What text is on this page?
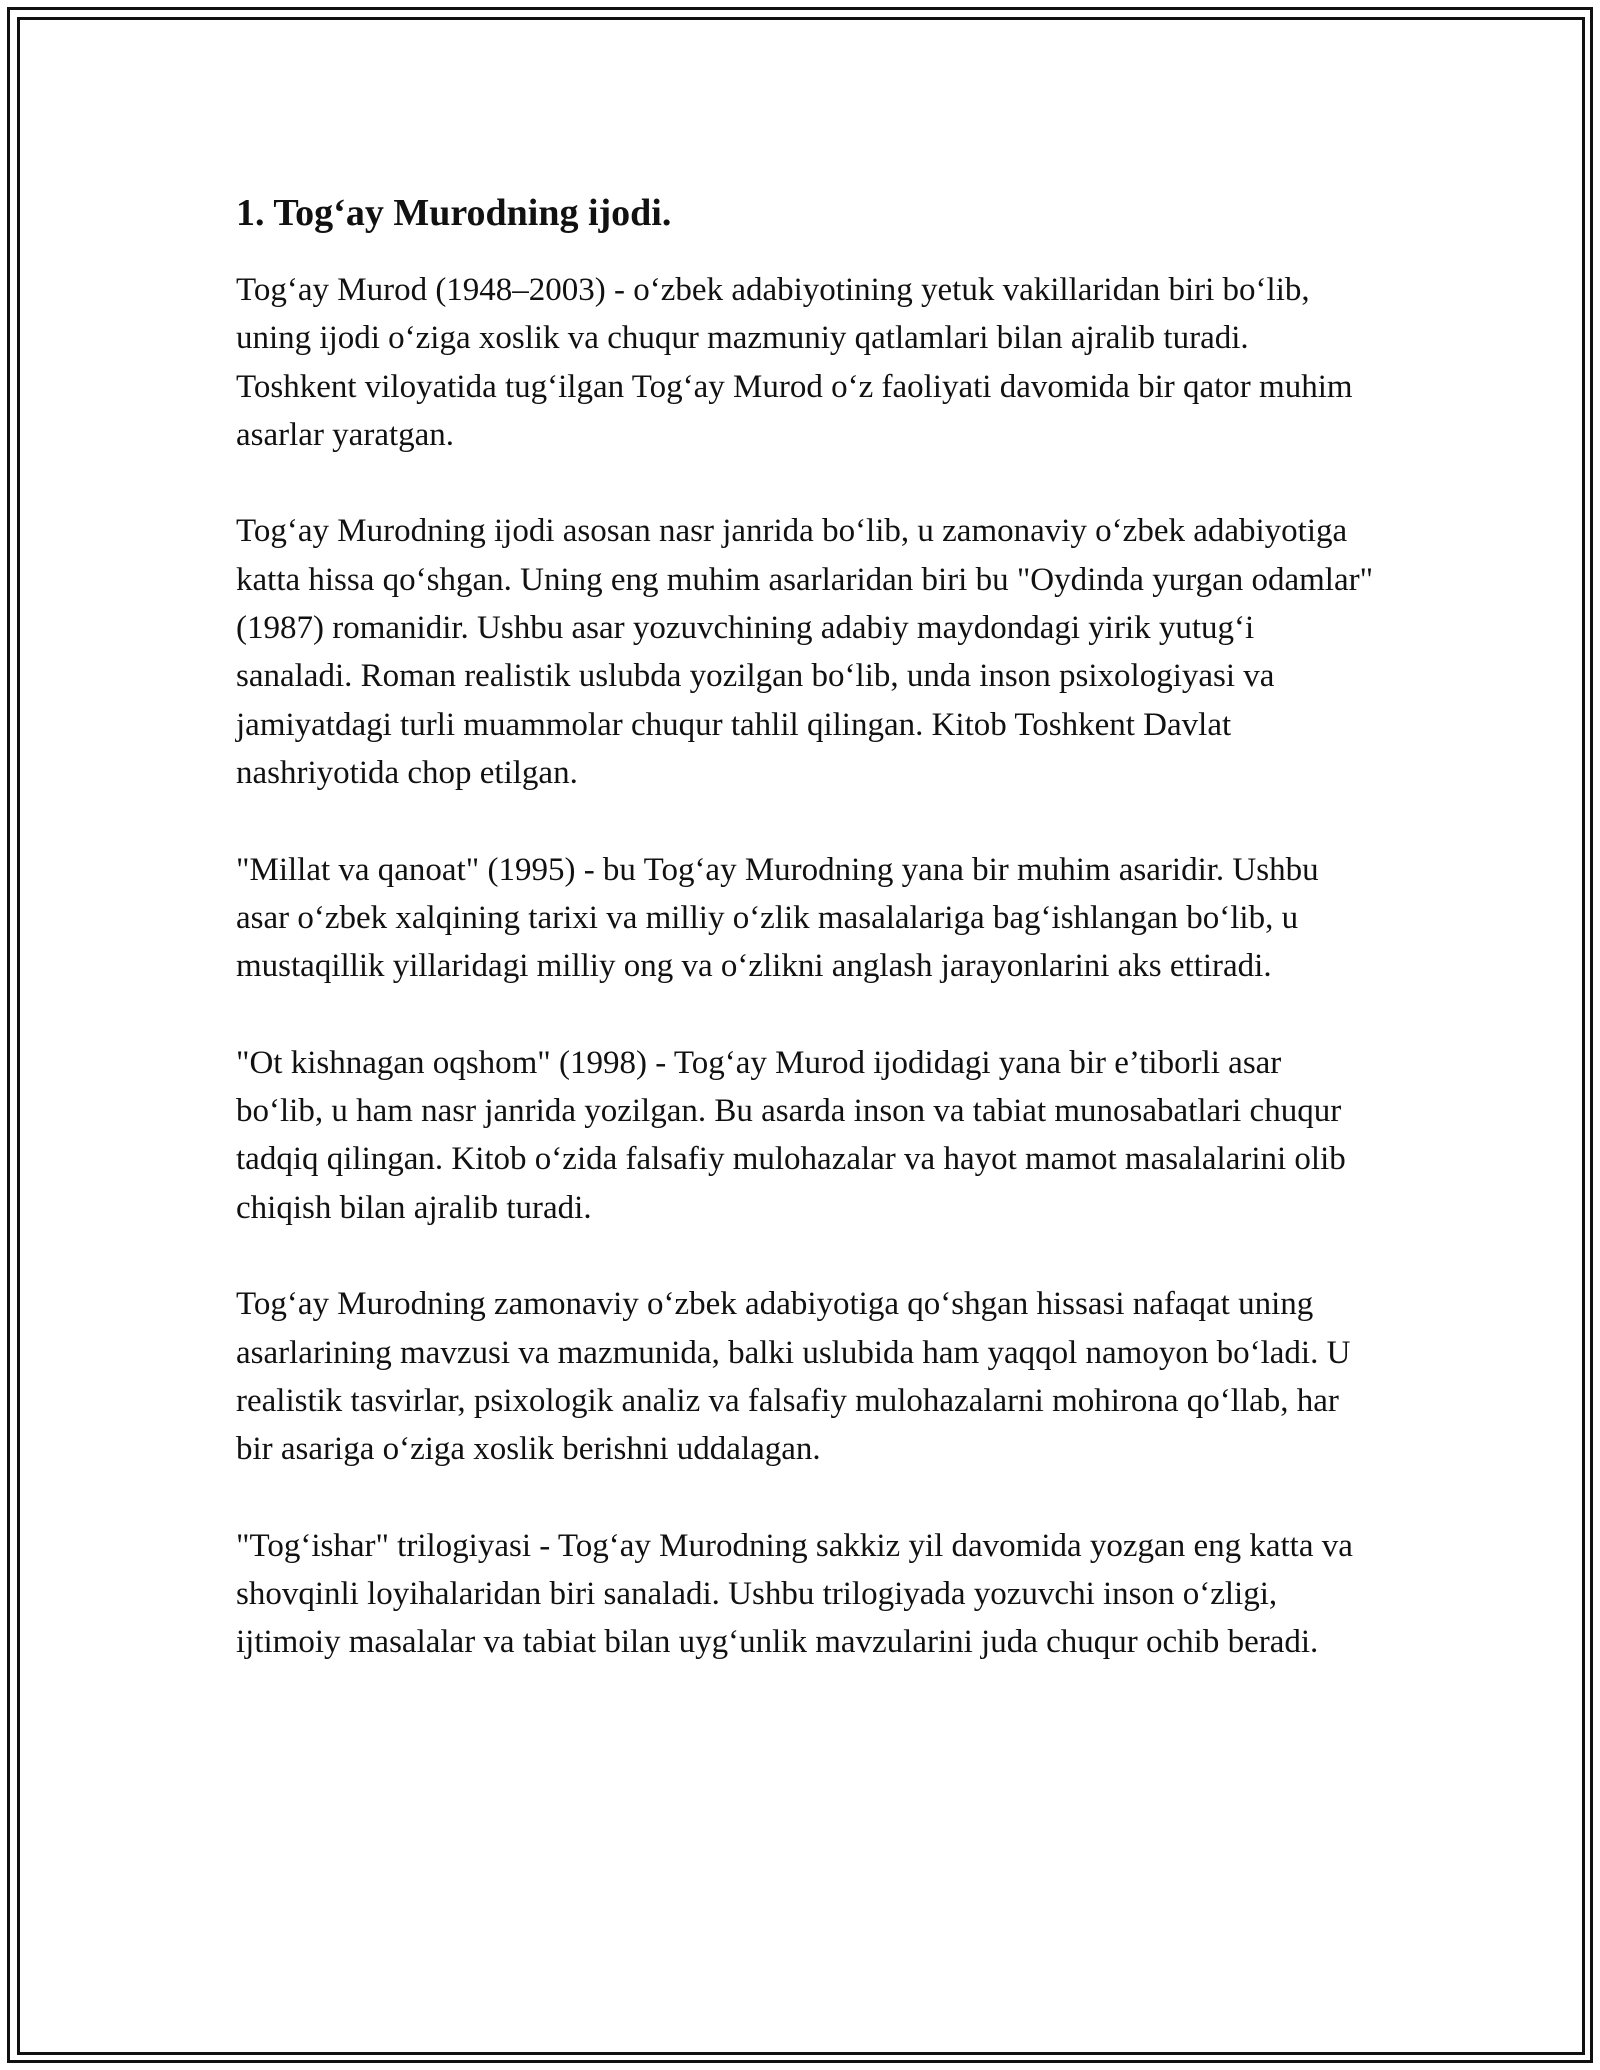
1. Tog‘ay Murodning ijodi.

Tog‘ay Murod (1948–2003) - o‘zbek adabiyotining yetuk vakillaridan biri bo‘lib, uning ijodi o‘ziga xoslik va chuqur mazmuniy qatlamlari bilan ajralib turadi. Toshkent viloyatida tug‘ilgan Tog‘ay Murod o‘z faoliyati davomida bir qator muhim asarlar yaratgan.

Tog‘ay Murodning ijodi asosan nasr janrida bo‘lib, u zamonaviy o‘zbek adabiyotiga katta hissa qo‘shgan. Uning eng muhim asarlaridan biri bu "Oydinda yurgan odamlar" (1987) romanidir. Ushbu asar yozuvchining adabiy maydondagi yirik yutug‘i sanaladi. Roman realistik uslubda yozilgan bo‘lib, unda inson psixologiyasi va jamiyatdagi turli muammolar chuqur tahlil qilingan. Kitob Toshkent Davlat nashriyotida chop etilgan.

"Millat va qanoat" (1995) - bu Tog‘ay Murodning yana bir muhim asaridir. Ushbu asar o‘zbek xalqining tarixi va milliy o‘zlik masalalariga bag‘ishlangan bo‘lib, u mustaqillik yillaridagi milliy ong va o‘zlikni anglash jarayonlarini aks ettiradi.

"Ot kishnagan oqshom" (1998) - Tog‘ay Murod ijodidagi yana bir e’tiborli asar bo‘lib, u ham nasr janrida yozilgan. Bu asarda inson va tabiat munosabatlari chuqur tadqiq qilingan. Kitob o‘zida falsafiy mulohazalar va hayot mamot masalalarini olib chiqish bilan ajralib turadi.

Tog‘ay Murodning zamonaviy o‘zbek adabiyotiga qo‘shgan hissasi nafaqat uning asarlarining mavzusi va mazmunida, balki uslubida ham yaqqol namoyon bo‘ladi. U realistik tasvirlar, psixologik analiz va falsafiy mulohazalarni mohirona qo‘llab, har bir asariga o‘ziga xoslik berishni uddalagan.

"Tog‘ishar" trilogiyasi - Tog‘ay Murodning sakkiz yil davomida yozgan eng katta va shovqinli loyihalaridan biri sanaladi. Ushbu trilogiyada yozuvchi inson o‘zligi, ijtimoiy masalalar va tabiat bilan uyg‘unlik mavzularini juda chuqur ochib beradi.
